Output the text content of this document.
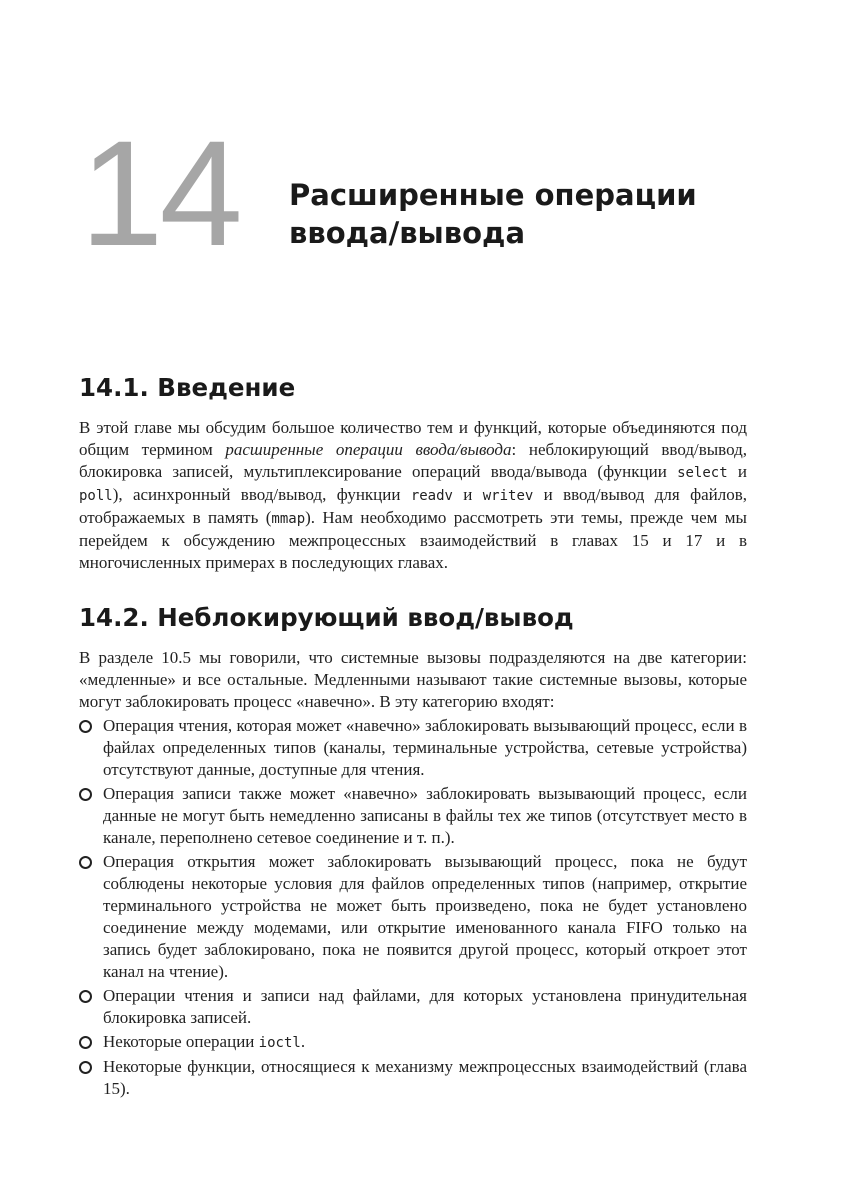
14 Расширенные операции
ввода/вывода
14.1. Введение

В этой главе мы обсудим большое количество тем и функций, которые объединяются под общим термином расширенные операции ввода/вывода: неблокирующий ввод/вывод, блокировка записей, мультиплексирование операций ввода/вывода (функции select и poll), асинхронный ввод/вывод, функции readv и writev и ввод/вывод для файлов, отображаемых в память (mmap). Нам необходимо рассмотреть эти темы, прежде чем мы перейдем к обсуждению межпроцессных взаимодействий в главах 15 и 17 и в многочисленных примерах в последующих главах.

14.2. Неблокирующий ввод/вывод

В разделе 10.5 мы говорили, что системные вызовы подразделяются на две категории: «медленные» и все остальные. Медленными называют такие системные вызовы, которые могут заблокировать процесс «навечно». В эту категорию входят:

Операция чтения, которая может «навечно» заблокировать вызывающий процесс, если в файлах определенных типов (каналы, терминальные устройства, сетевые устройства) отсутствуют данные, доступные для чтения.
Операция записи также может «навечно» заблокировать вызывающий процесс, если данные не могут быть немедленно записаны в файлы тех же типов (отсутствует место в канале, переполнено сетевое соединение и т. п.).
Операция открытия может заблокировать вызывающий процесс, пока не будут соблюдены некоторые условия для файлов определенных типов (например, открытие терминального устройства не может быть произведено, пока не будет установлено соединение между модемами, или открытие именованного канала FIFO только на запись будет заблокировано, пока не появится другой процесс, который откроет этот канал на чтение).
Операции чтения и записи над файлами, для которых установлена принудительная блокировка записей.
Некоторые операции ioctl.
Некоторые функции, относящиеся к механизму межпроцессных взаимодействий (глава 15).
